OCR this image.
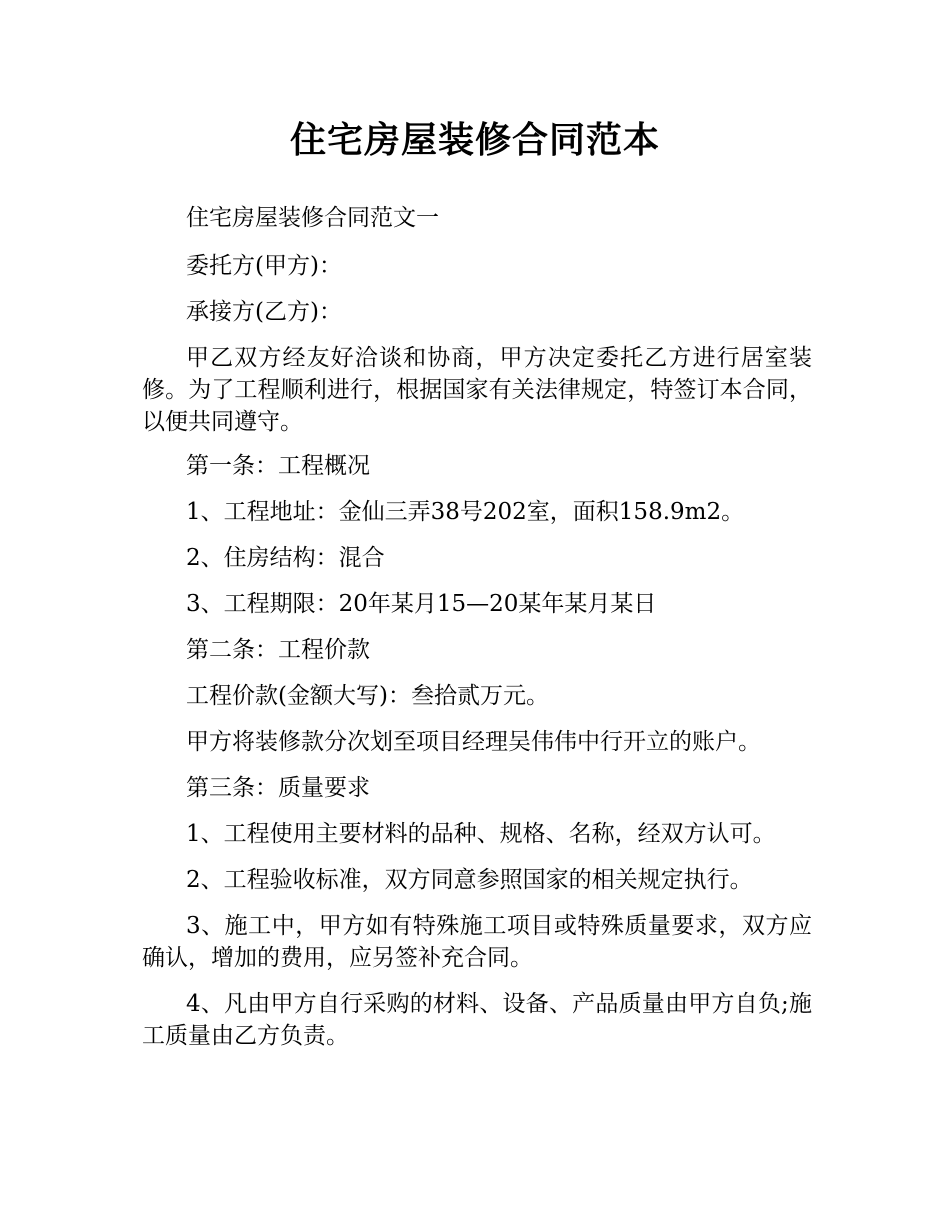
住宅房屋装修合同范本

住宅房屋装修合同范文一

委托方(甲方)：

承接方(乙方)：

甲乙双方经友好洽谈和协商，甲方决定委托乙方进行居室装修。为了工程顺利进行，根据国家有关法律规定，特签订本合同，以便共同遵守。

第一条：工程概况

1、工程地址：金仙三弄38号202室，面积158.9m2。

2、住房结构：混合

3、工程期限：20年某月15—20某年某月某日

第二条：工程价款

工程价款(金额大写)：叁拾贰万元。

甲方将装修款分次划至项目经理吴伟伟中行开立的账户。

第三条：质量要求

1、工程使用主要材料的品种、规格、名称，经双方认可。

2、工程验收标准，双方同意参照国家的相关规定执行。

3、施工中，甲方如有特殊施工项目或特殊质量要求，双方应确认，增加的费用，应另签补充合同。

4、凡由甲方自行采购的材料、设备、产品质量由甲方自负;施工质量由乙方负责。
